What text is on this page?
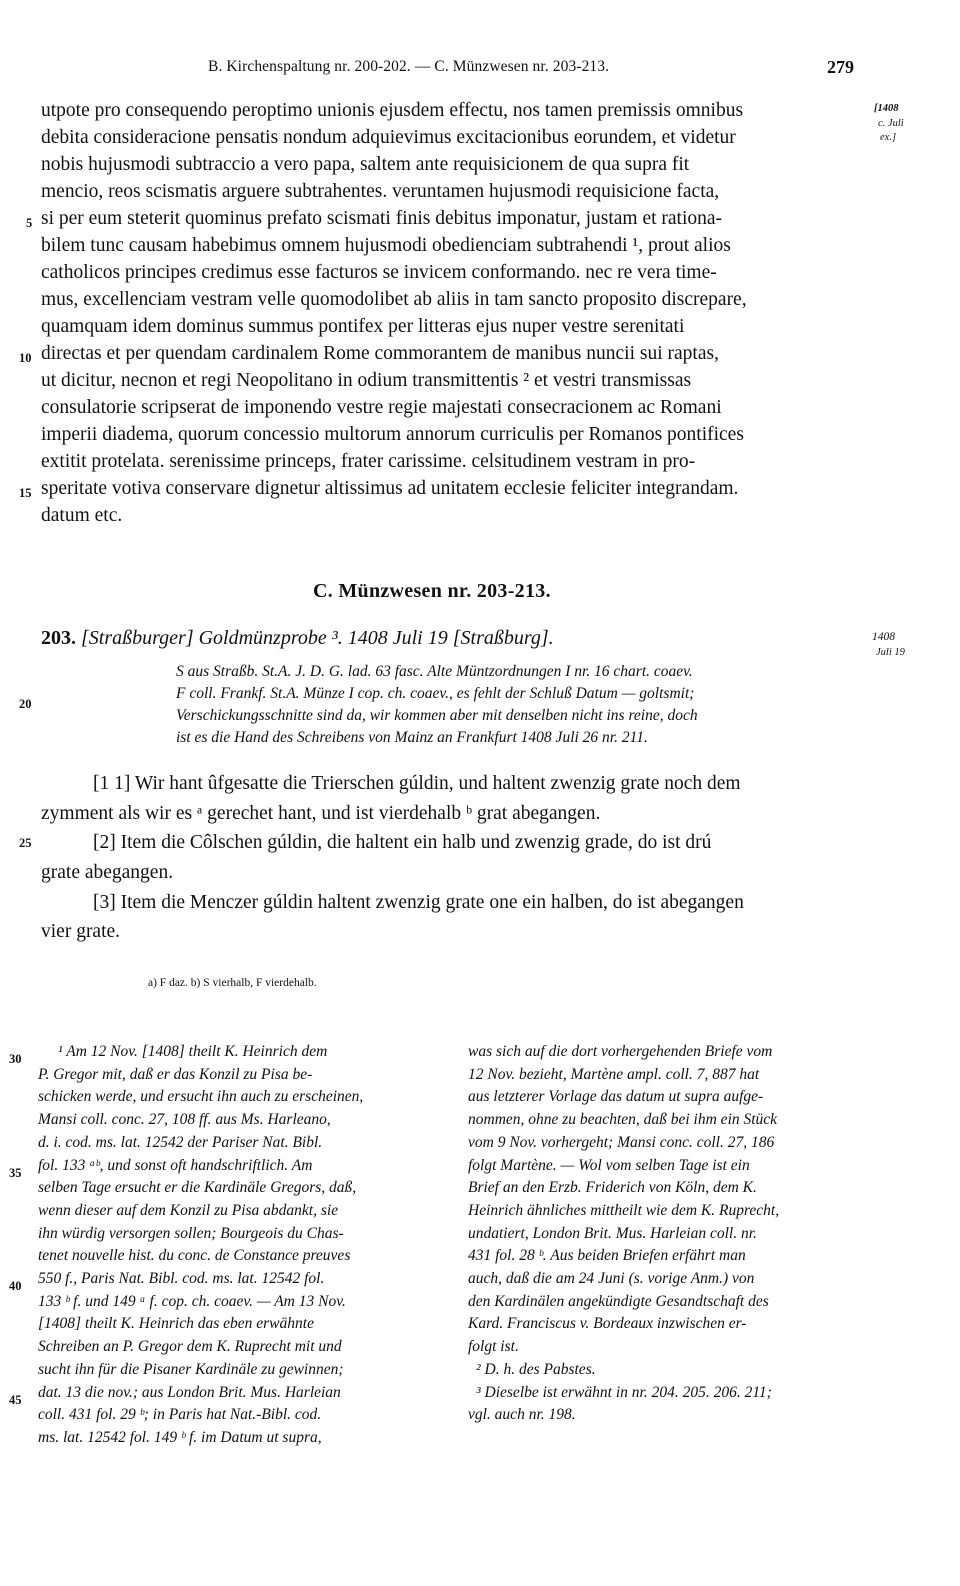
B. Kirchenspaltung nr. 200-202. — C. Münzwesen nr. 203-213.	279
[1408
c. Juli
ex.]
utpote pro consequendo peroptimo unionis ejusdem effectu, nos tamen premissis omnibus
debita consideracione pensatis nondum adquievimus excitacionibus eorundem, et videtur
nobis hujusmodi subtraccio a vero papa, saltem ante requisicionem de qua supra fit
mencio, reos scismatis arguere subtrahentes. veruntamen hujusmodi requisicione facta,
si per eum steterit quominus prefato scismati finis debitus imponatur, justam et rationa-
bilem tunc causam habebimus omnem hujusmodi obedienciam subtrahendi ¹, prout alios
catholicos principes credimus esse facturos se invicem conformando. nec re vera time-
mus, excellenciam vestram velle quomodolibet ab aliis in tam sancto proposito discrepare,
quamquam idem dominus summus pontifex per litteras ejus nuper vestre serenitati
directas et per quendam cardinalem Rome commorantem de manibus nuncii sui raptas,
ut dicitur, necnon et regi Neopolitano in odium transmittentis ² et vestri transmissas
consulatorie scripserat de imponendo vestre regie majestati consecracionem ac Romani
imperii diadema, quorum concessio multorum annorum curriculis per Romanos pontifices
extitit protelata. serenissime princeps, frater carissime. celsitudinem vestram in pro-
speritate votiva conservare dignetur altissimus ad unitatem ecclesie feliciter integrandam.
datum etc.
5
10
15
20
25
30
35
40
45
C. Münzwesen nr. 203-213.
203. [Straßburger] Goldmünzprobe ³. 1408 Juli 19 [Straßburg].	1408
Juli 19
S aus Straßb. St.A. J. D. G. lad. 63 fasc. Alte Müntzordnungen I nr. 16 chart. coaev.
F coll. Frankf. St.A. Münze I cop. ch. coaev., es fehlt der Schluß Datum — goltsmit;
Verschickungsschnitte sind da, wir kommen aber mit denselben nicht ins reine, doch
ist es die Hand des Schreibens von Mainz an Frankfurt 1408 Juli 26 nr. 211.
[1 1] Wir hant ûfgesatte die Trierschen gúldin, und haltent zwenzig grate noch dem
zymment als wir es ᵃ gerechet hant, und ist vierdehalb ᵇ grat abegangen.
[2] Item die Côlschen gúldin, die haltent ein halb und zwenzig grade, do ist drú
grate abegangen.
[3] Item die Menczer gúldin haltent zwenzig grate one ein halben, do ist abegangen
vier grate.
a) F daz. b) S vierhalb, F vierdehalb.
¹ Am 12 Nov. [1408] theilt K. Heinrich dem
P. Gregor mit, daß er das Konzil zu Pisa be-
schicken werde, und ersucht ihn auch zu erscheinen,
Mansi coll. conc. 27, 108 ff. aus Ms. Harleano,
d. i. cod. ms. lat. 12542 der Pariser Nat. Bibl.
fol. 133 ᵃᵇ, und sonst oft handschriftlich. Am
selben Tage ersucht er die Kardinäle Gregors, daß,
wenn dieser auf dem Konzil zu Pisa abdankt, sie
ihn würdig versorgen sollen; Bourgeois du Chas-
tenet nouvelle hist. du conc. de Constance preuves
550 f., Paris Nat. Bibl. cod. ms. lat. 12542 fol.
133 ᵇ f. und 149 ᵃ f. cop. ch. coaev. — Am 13 Nov.
[1408] theilt K. Heinrich das eben erwähnte
Schreiben an P. Gregor dem K. Ruprecht mit und
sucht ihn für die Pisaner Kardinäle zu gewinnen;
dat. 13 die nov.; aus London Brit. Mus. Harleian
coll. 431 fol. 29 ᵇ; in Paris hat Nat.-Bibl. cod.
ms. lat. 12542 fol. 149 ᵇ f. im Datum ut supra,
was sich auf die dort vorhergehenden Briefe vom
12 Nov. bezieht, Martène ampl. coll. 7, 887 hat
aus letzterer Vorlage das datum ut supra aufge-
nommen, ohne zu beachten, daß bei ihm ein Stück
vom 9 Nov. vorhergeht; Mansi conc. coll. 27, 186
folgt Martène. — Wol vom selben Tage ist ein
Brief an den Erzb. Friderich von Köln, dem K.
Heinrich ähnliches mittheilt wie dem K. Ruprecht,
undatiert, London Brit. Mus. Harleian coll. nr.
431 fol. 28 ᵇ. Aus beiden Briefen erfährt man
auch, daß die am 24 Juni (s. vorige Anm.) von
den Kardinälen angekündigte Gesandtschaft des
Kard. Franciscus v. Bordeaux inzwischen er-
folgt ist.
² D. h. des Pabstes.
³ Dieselbe ist erwähnt in nr. 204. 205. 206. 211;
vgl. auch nr. 198.
